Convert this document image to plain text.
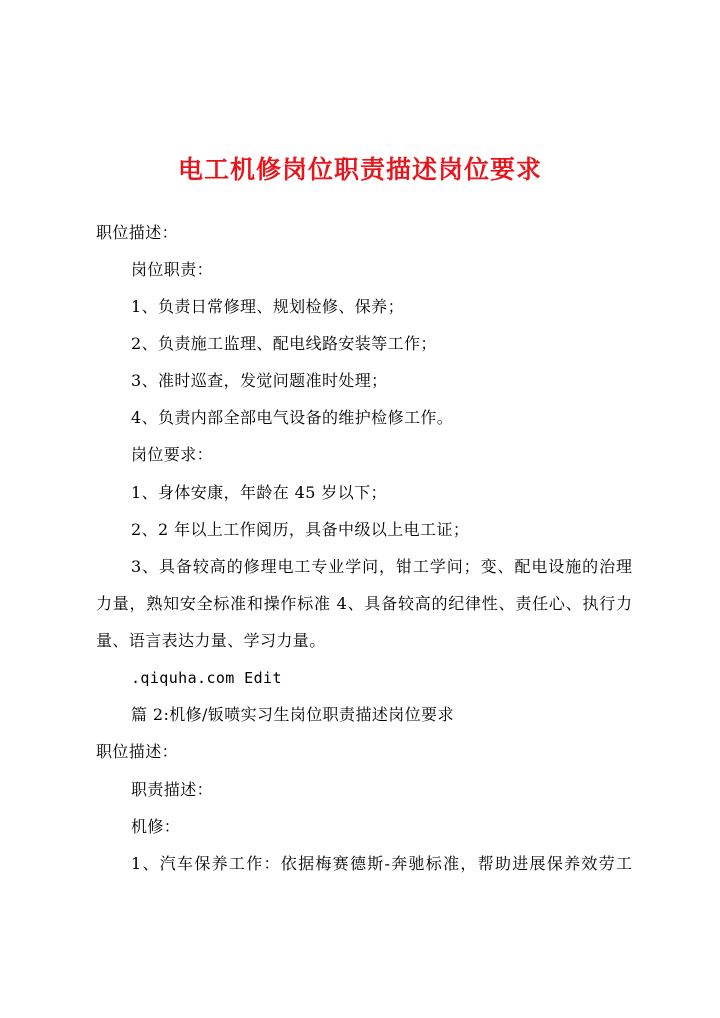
电工机修岗位职责描述岗位要求
职位描述：
岗位职责：
1、负责日常修理、规划检修、保养；
2、负责施工监理、配电线路安装等工作；
3、准时巡查，发觉问题准时处理；
4、负责内部全部电气设备的维护检修工作。
岗位要求：
1、身体安康，年龄在 45 岁以下；
2、2 年以上工作阅历，具备中级以上电工证；
3、具备较高的修理电工专业学问，钳工学问；变、配电设施的治理
力量，熟知安全标准和操作标准 4、具备较高的纪律性、责任心、执行力
量、语言表达力量、学习力量。
.qiquha.com Edit
篇 2:机修/钣喷实习生岗位职责描述岗位要求
职位描述：
职责描述：
机修：
1、汽车保养工作：依据梅赛德斯-奔驰标准，帮助进展保养效劳工
